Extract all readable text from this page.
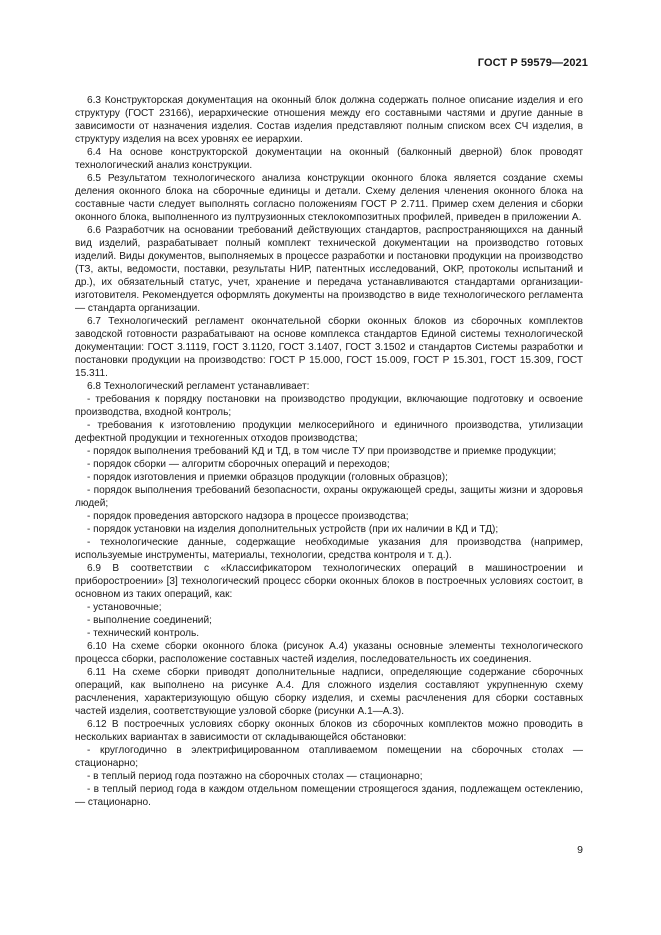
ГОСТ Р 59579—2021

6.3 Конструкторская документация на оконный блок должна содержать полное описание изделия и его структуру (ГОСТ 23166), иерархические отношения между его составными частями и другие данные в зависимости от назначения изделия. Состав изделия представляют полным списком всех СЧ изделия, в структуру изделия на всех уровнях ее иерархии.

6.4 На основе конструкторской документации на оконный (балконный дверной) блок проводят технологический анализ конструкции.

6.5 Результатом технологического анализа конструкции оконного блока является создание схемы деления оконного блока на сборочные единицы и детали. Схему деления членения оконного блока на составные части следует выполнять согласно положениям ГОСТ Р 2.711. Пример схем деления и сборки оконного блока, выполненного из пултрузионных стеклокомпозитных профилей, приведен в приложении А.

6.6 Разработчик на основании требований действующих стандартов, распространяющихся на данный вид изделий, разрабатывает полный комплект технической документации на производство готовых изделий. Виды документов, выполняемых в процессе разработки и постановки продукции на производство (ТЗ, акты, ведомости, поставки, результаты НИР, патентных исследований, ОКР, протоколы испытаний и др.), их обязательный статус, учет, хранение и передача устанавливаются стандартами организации-изготовителя. Рекомендуется оформлять документы на производство в виде технологического регламента — стандарта организации.

6.7 Технологический регламент окончательной сборки оконных блоков из сборочных комплектов заводской готовности разрабатывают на основе комплекса стандартов Единой системы технологической документации: ГОСТ 3.1119, ГОСТ 3.1120, ГОСТ 3.1407, ГОСТ 3.1502 и стандартов Системы разработки и постановки продукции на производство: ГОСТ Р 15.000, ГОСТ 15.009, ГОСТ Р 15.301, ГОСТ 15.309, ГОСТ 15.311.

6.8 Технологический регламент устанавливает:

- требования к порядку постановки на производство продукции, включающие подготовку и освоение производства, входной контроль;

- требования к изготовлению продукции мелкосерийного и единичного производства, утилизации дефектной продукции и техногенных отходов производства;

- порядок выполнения требований КД и ТД, в том числе ТУ при производстве и приемке продукции;

- порядок сборки — алгоритм сборочных операций и переходов;

- порядок изготовления и приемки образцов продукции (головных образцов);

- порядок выполнения требований безопасности, охраны окружающей среды, защиты жизни и здоровья людей;

- порядок проведения авторского надзора в процессе производства;

- порядок установки на изделия дополнительных устройств (при их наличии в КД и ТД);

- технологические данные, содержащие необходимые указания для производства (например, используемые инструменты, материалы, технологии, средства контроля и т. д.).

6.9 В соответствии с «Классификатором технологических операций в машиностроении и приборостроении» [3] технологический процесс сборки оконных блоков в построечных условиях состоит, в основном из таких операций, как:

- установочные;

- выполнение соединений;

- технический контроль.

6.10 На схеме сборки оконного блока (рисунок А.4) указаны основные элементы технологического процесса сборки, расположение составных частей изделия, последовательность их соединения.

6.11 На схеме сборки приводят дополнительные надписи, определяющие содержание сборочных операций, как выполнено на рисунке А.4. Для сложного изделия составляют укрупненную схему расчленения, характеризующую общую сборку изделия, и схемы расчленения для сборки составных частей изделия, соответствующие узловой сборке (рисунки А.1—А.3).

6.12 В построечных условиях сборку оконных блоков из сборочных комплектов можно проводить в нескольких вариантах в зависимости от складывающейся обстановки:

- круглогодично в электрифицированном отапливаемом помещении на сборочных столах — стационарно;

- в теплый период года поэтажно на сборочных столах — стационарно;

- в теплый период года в каждом отдельном помещении строящегося здания, подлежащем остеклению, — стационарно.

9
